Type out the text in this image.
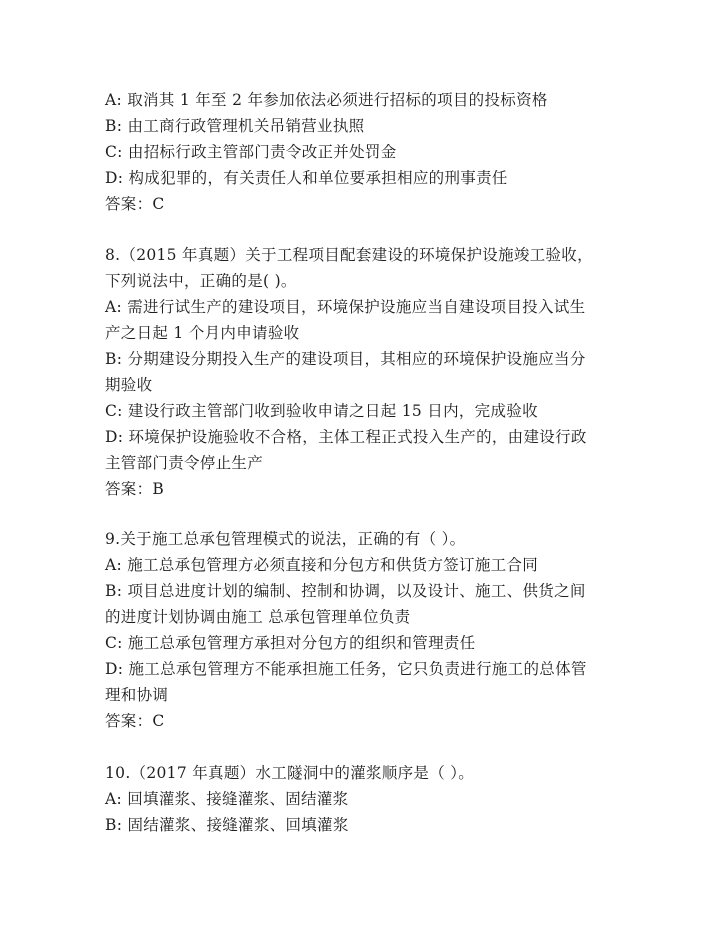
A: 取消其 1 年至 2 年参加依法必须进行招标的项目的投标资格
B: 由工商行政管理机关吊销营业执照
C: 由招标行政主管部门责令改正并处罚金
D: 构成犯罪的，有关责任人和单位要承担相应的刑事责任
答案：C
8.（2015 年真题）关于工程项目配套建设的环境保护设施竣工验收，
下列说法中，正确的是( )。
A: 需进行试生产的建设项目，环境保护设施应当自建设项目投入试生
产之日起 1 个月内申请验收
B: 分期建设分期投入生产的建设项目，其相应的环境保护设施应当分
期验收
C: 建设行政主管部门收到验收申请之日起 15 日内，完成验收
D: 环境保护设施验收不合格，主体工程正式投入生产的，由建设行政
主管部门责令停止生产
答案：B
9.关于施工总承包管理模式的说法，正确的有（ ）。
A: 施工总承包管理方必须直接和分包方和供货方签订施工合同
B: 项目总进度计划的编制、控制和协调，以及设计、施工、供货之间
的进度计划协调由施工 总承包管理单位负责
C: 施工总承包管理方承担对分包方的组织和管理责任
D: 施工总承包管理方不能承担施工任务，它只负责进行施工的总体管
理和协调
答案：C
10.（2017 年真题）水工隧洞中的灌浆顺序是（ ）。
A: 回填灌浆、接缝灌浆、固结灌浆
B: 固结灌浆、接缝灌浆、回填灌浆
